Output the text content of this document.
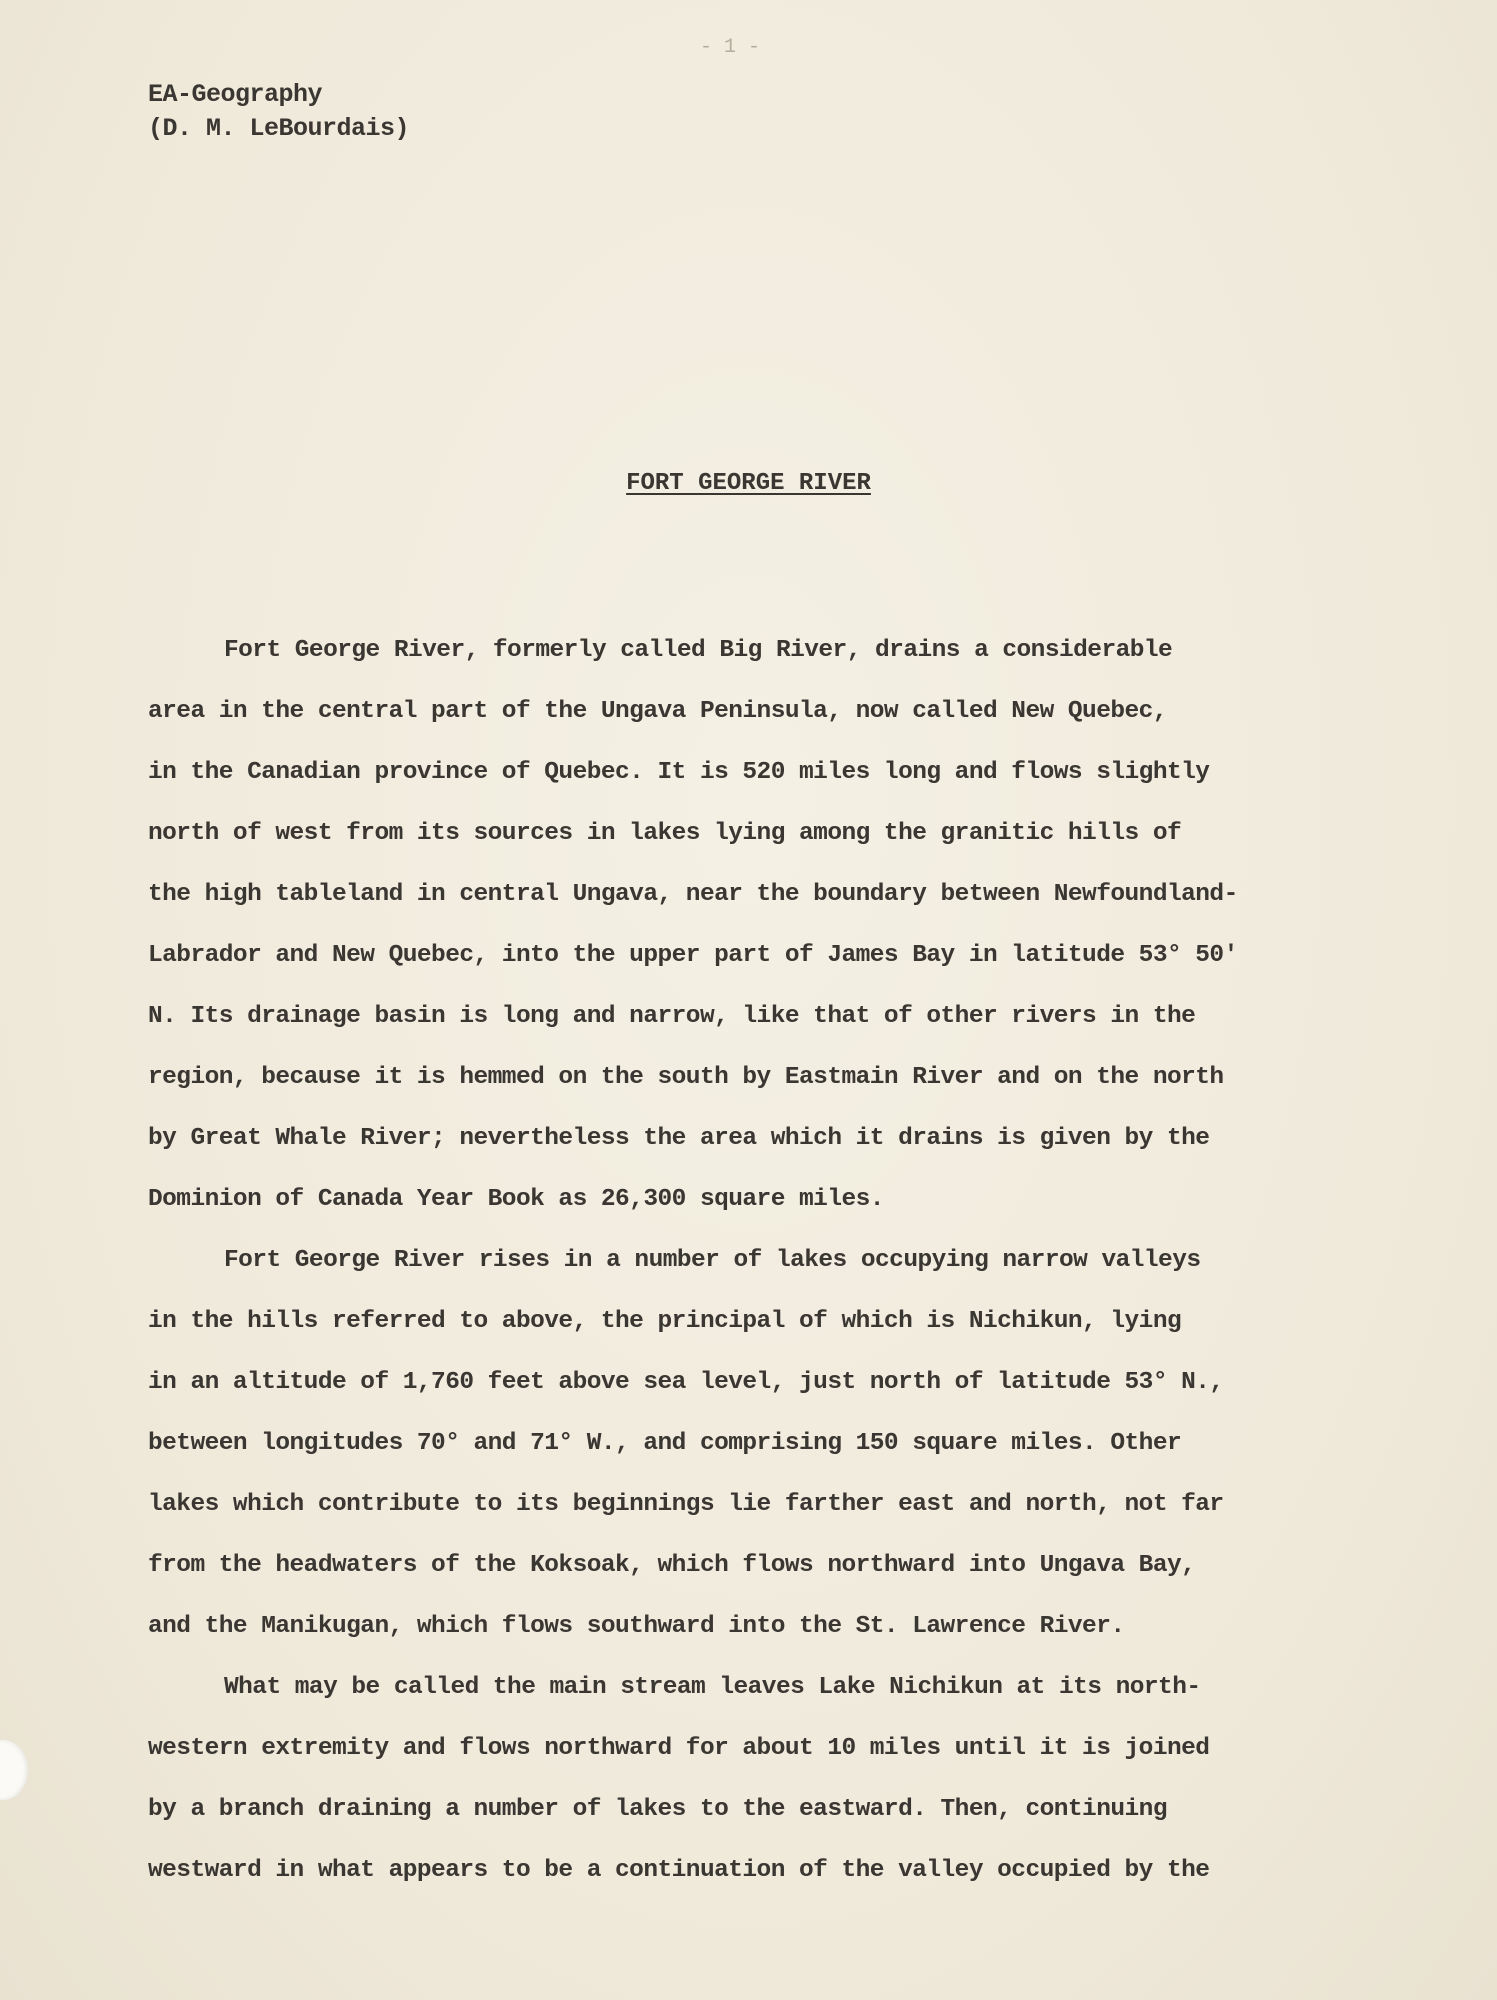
- 1 -
EA-Geography
(D. M. LeBourdais)
FORT GEORGE RIVER
Fort George River, formerly called Big River, drains a considerable
area in the central part of the Ungava Peninsula, now called New Quebec,
in the Canadian province of Quebec. It is 520 miles long and flows slightly
north of west from its sources in lakes lying among the granitic hills of
the high tableland in central Ungava, near the boundary between Newfoundland-
Labrador and New Quebec, into the upper part of James Bay in latitude 53° 50'
N. Its drainage basin is long and narrow, like that of other rivers in the
region, because it is hemmed on the south by Eastmain River and on the north
by Great Whale River; nevertheless the area which it drains is given by the
Dominion of Canada Year Book as 26,300 square miles.
Fort George River rises in a number of lakes occupying narrow valleys
in the hills referred to above, the principal of which is Nichikun, lying
in an altitude of 1,760 feet above sea level, just north of latitude 53° N.,
between longitudes 70° and 71° W., and comprising 150 square miles. Other
lakes which contribute to its beginnings lie farther east and north, not far
from the headwaters of the Koksoak, which flows northward into Ungava Bay,
and the Manikugan, which flows southward into the St. Lawrence River.
What may be called the main stream leaves Lake Nichikun at its north-
western extremity and flows northward for about 10 miles until it is joined
by a branch draining a number of lakes to the eastward. Then, continuing
westward in what appears to be a continuation of the valley occupied by the
